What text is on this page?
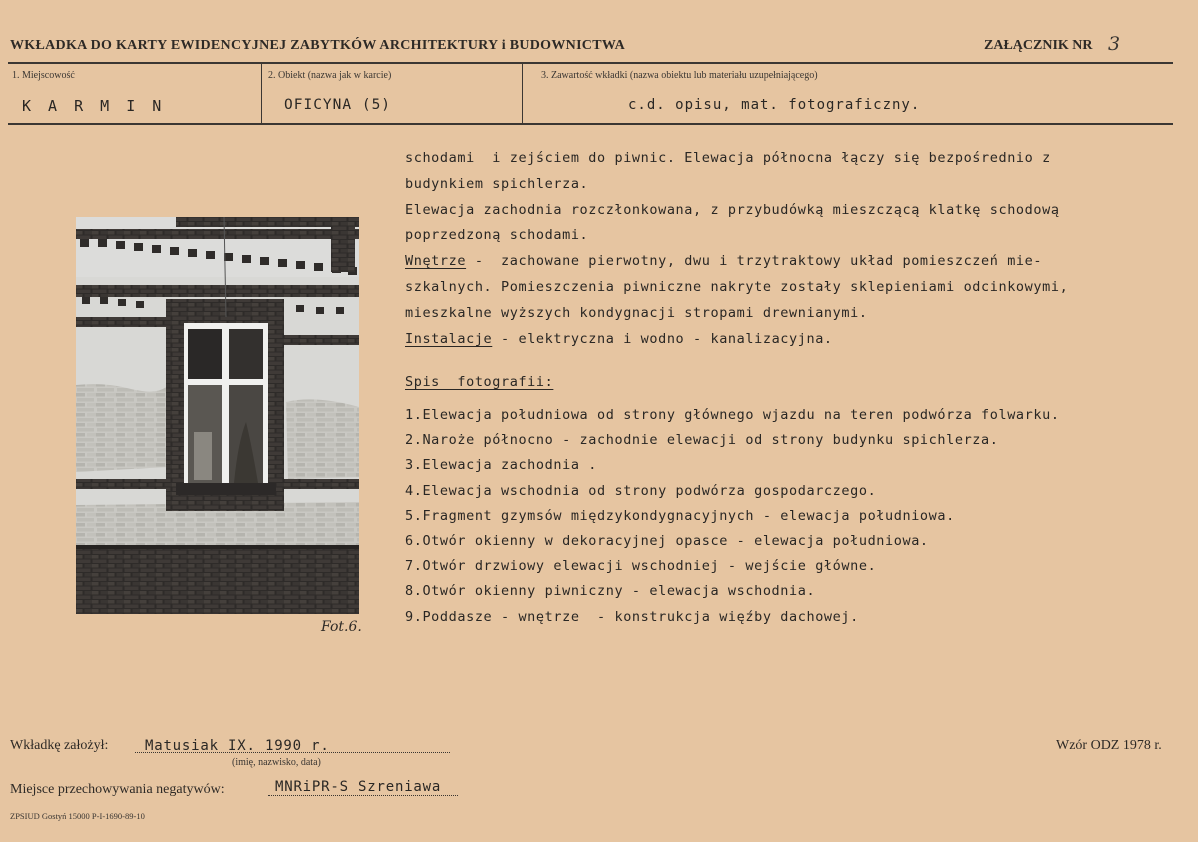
WKŁADKA DO KARTY EWIDENCYJNEJ ZABYTKÓW ARCHITEKTURY i BUDOWNICTWA	ZAŁĄCZNIK NR 3
1. Miejscowość
K A R M I N
2. Obiekt (nazwa jak w karcie)
OFICYNA (5)
3. Zawartość wkładki (nazwa obiektu lub materiału uzupełniającego)
c.d. opisu, mat. fotograficzny.
Fot.6.
schodami  i zejściem do piwnic. Elewacja północna łączy się bezpośrednio z
budynkiem spichlerza.
Elewacja zachodnia rozczłonkowana, z przybudówką mieszczącą klatkę schodową
poprzedzoną schodami.
Wnętrze -  zachowane pierwotny, dwu i trzytraktowy układ pomieszczeń mie-
szkalnych. Pomieszczenia piwniczne nakryte zostały sklepieniami odcinkowymi,
mieszkalne wyższych kondygnacji stropami drewnianymi.
Instalacje - elektryczna i wodno - kanalizacyjna.
Spis  fotografii:
1.Elewacja południowa od strony głównego wjazdu na teren podwórza folwarku.
2.Naroże północno - zachodnie elewacji od strony budynku spichlerza.
3.Elewacja zachodnia .
4.Elewacja wschodnia od strony podwórza gospodarczego.
5.Fragment gzymsów międzykondygnacyjnych - elewacja południowa.
6.Otwór okienny w dekoracyjnej opasce - elewacja południowa.
7.Otwór drzwiowy elewacji wschodniej - wejście główne.
8.Otwór okienny piwniczny - elewacja wschodnia.
9.Poddasze - wnętrze  - konstrukcja więźby dachowej.
Wkładkę założył:	Matusiak IX. 1990 r.
(imię, nazwisko, data)
Wzór ODZ 1978 r.
Miejsce przechowywania negatywów:	MNRiPR-S Szreniawa
ZPSIUD Gostyń 15000 P-I-1690-89-10
